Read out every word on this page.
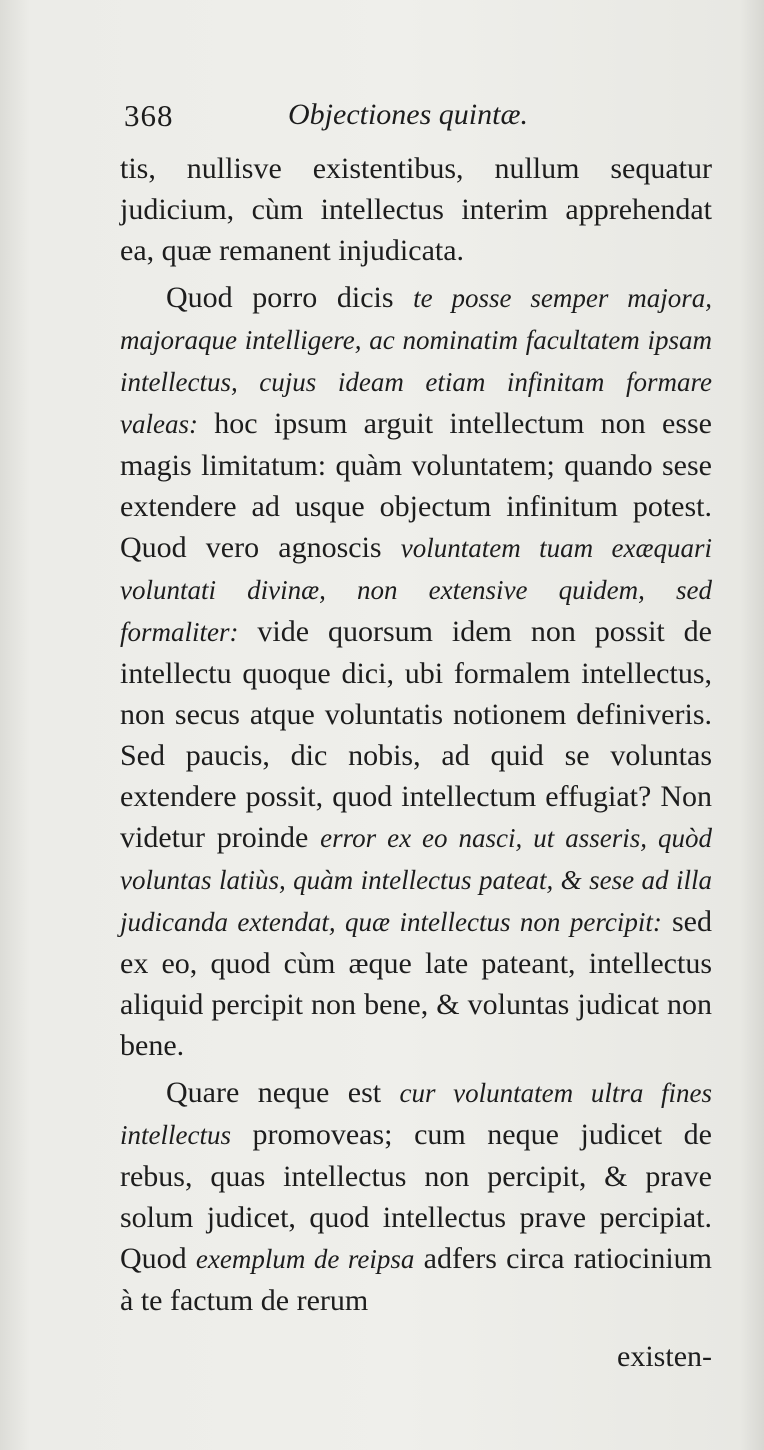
368	Objectiones quintæ.

tis, nullisve existentibus, nullum sequatur judicium, cùm intellectus interim apprehendat ea, quæ remanent injudicata.

Quod porro dicis te posse semper majora, majoraque intelligere, ac nominatim facultatem ipsam intellectus, cujus ideam etiam infinitam formare valeas: hoc ipsum arguit intellectum non esse magis limitatum: quàm voluntatem; quando sese extendere ad usque objectum infinitum potest. Quod vero agnoscis voluntatem tuam exæquari voluntati divinæ, non extensive quidem, sed formaliter: vide quorsum idem non possit de intellectu quoque dici, ubi formalem intellectus, non secus atque voluntatis notionem definiveris. Sed paucis, dic nobis, ad quid se voluntas extendere possit, quod intellectum effugiat? Non videtur proinde error ex eo nasci, ut asseris, quòd voluntas latiùs, quàm intellectus pateat, & sese ad illa judicanda extendat, quæ intellectus non percipit: sed ex eo, quod cùm æque late pateant, intellectus aliquid percipit non bene, & voluntas judicat non bene.

Quare neque est cur voluntatem ultra fines intellectus promoveas; cum neque judicet de rebus, quas intellectus non percipit, & prave solum judicet, quod intellectus prave percipiat. Quod exemplum de reipsa adfers circa ratiocinium à te factum de rerum

existen-
